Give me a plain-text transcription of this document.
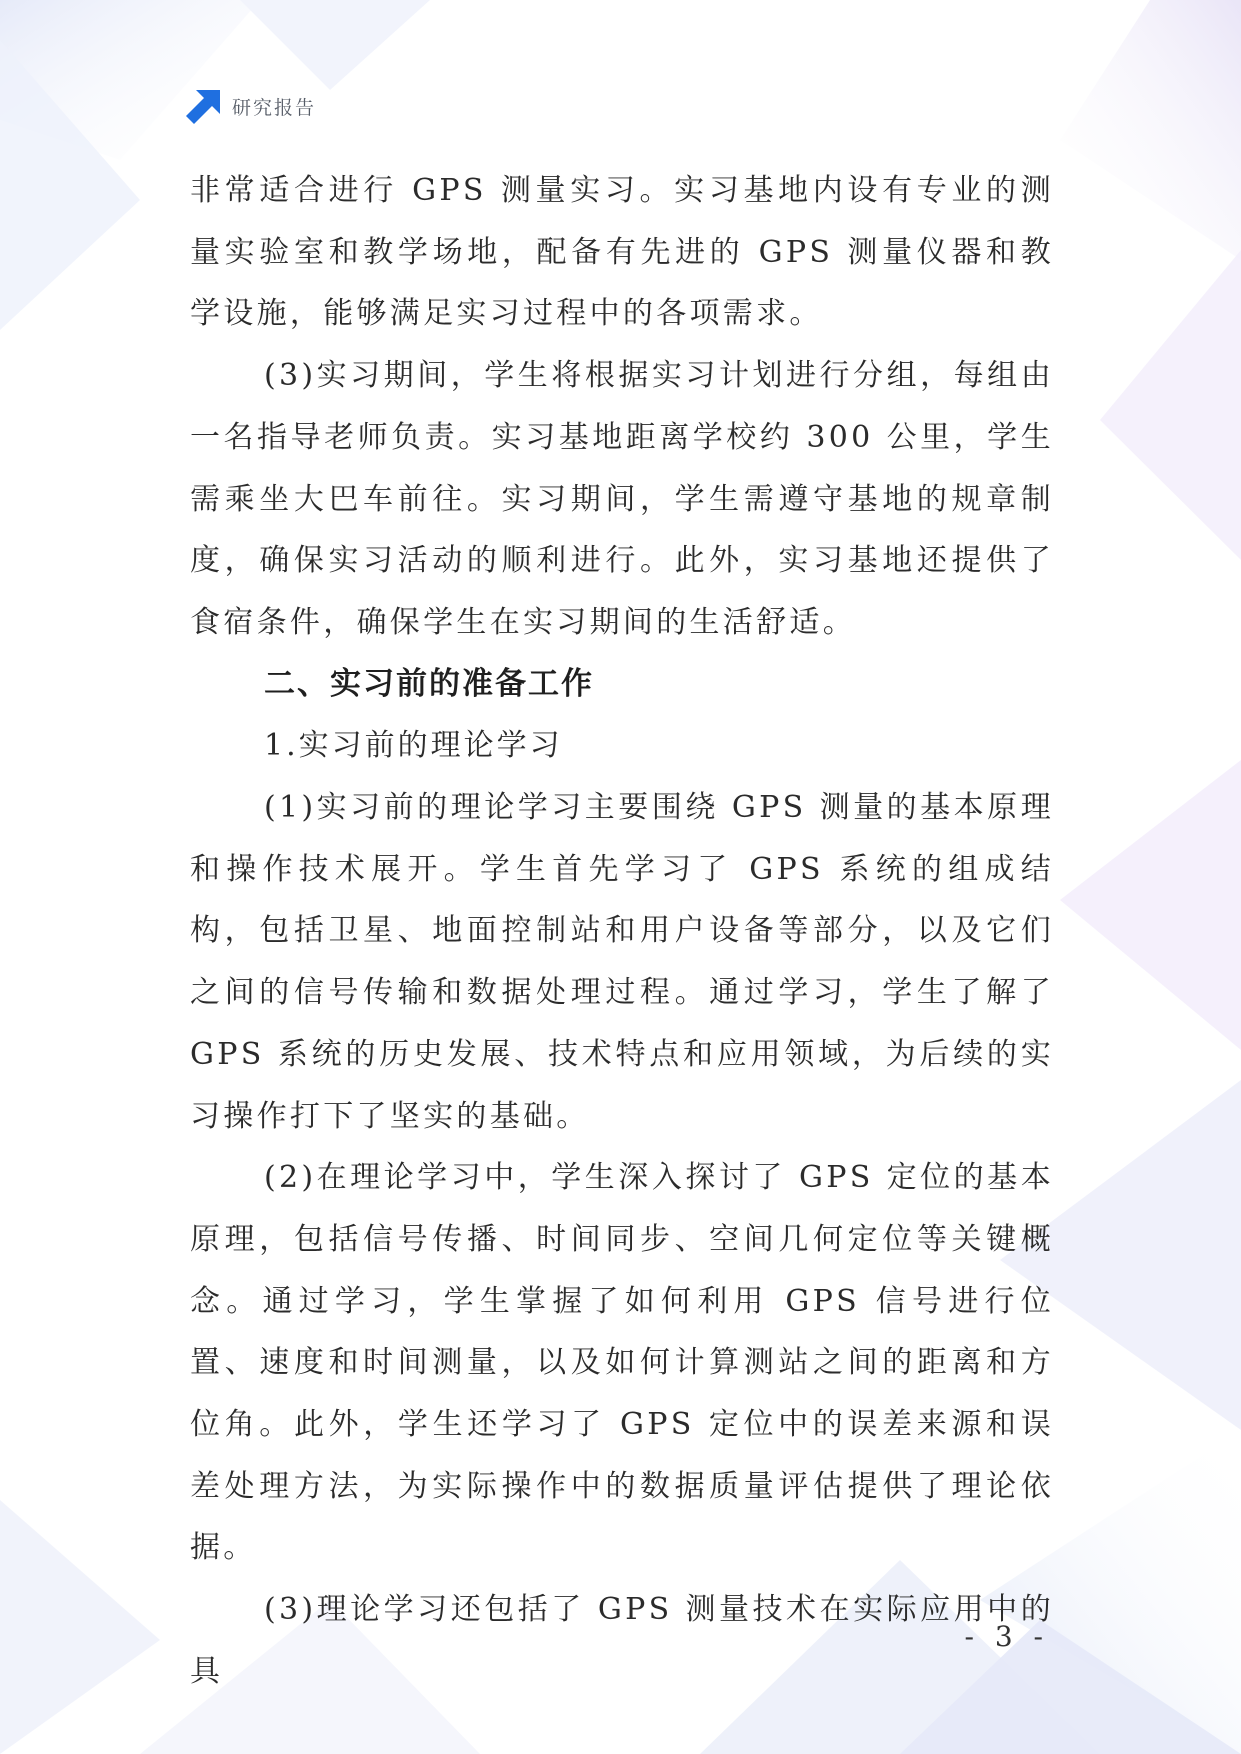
研究报告

非常适合进行 GPS 测量实习。实习基地内设有专业的测量实验室和教学场地，配备有先进的 GPS 测量仪器和教学设施，能够满足实习过程中的各项需求。

(3)实习期间，学生将根据实习计划进行分组，每组由一名指导老师负责。实习基地距离学校约 300 公里，学生需乘坐大巴车前往。实习期间，学生需遵守基地的规章制度，确保实习活动的顺利进行。此外，实习基地还提供了食宿条件，确保学生在实习期间的生活舒适。

二、实习前的准备工作

1.实习前的理论学习

(1)实习前的理论学习主要围绕 GPS 测量的基本原理和操作技术展开。学生首先学习了 GPS 系统的组成结构，包括卫星、地面控制站和用户设备等部分，以及它们之间的信号传输和数据处理过程。通过学习，学生了解了 GPS 系统的历史发展、技术特点和应用领域，为后续的实习操作打下了坚实的基础。

(2)在理论学习中，学生深入探讨了 GPS 定位的基本原理，包括信号传播、时间同步、空间几何定位等关键概念。通过学习，学生掌握了如何利用 GPS 信号进行位置、速度和时间测量，以及如何计算测站之间的距离和方位角。此外，学生还学习了 GPS 定位中的误差来源和误差处理方法，为实际操作中的数据质量评估提供了理论依据。

(3)理论学习还包括了 GPS 测量技术在实际应用中的具

- 3 -
